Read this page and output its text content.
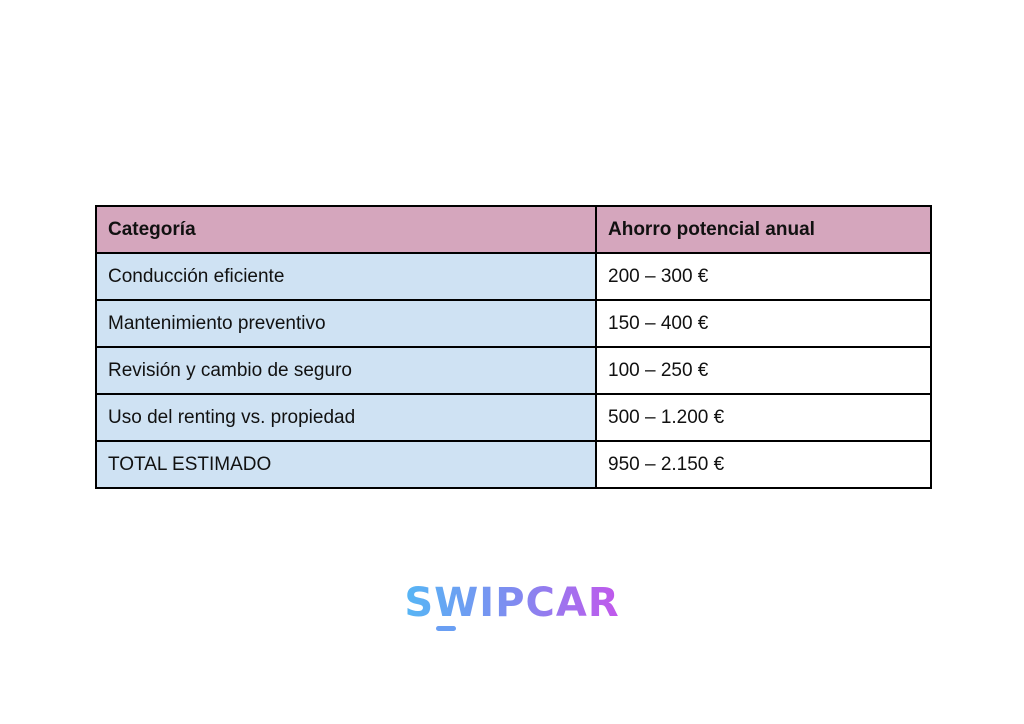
Categoría	Ahorro potencial anual
Conducción eficiente	200 – 300 €
Mantenimiento preventivo	150 – 400 €
Revisión y cambio de seguro	100 – 250 €
Uso del renting vs. propiedad	500 – 1.200 €
TOTAL ESTIMADO	950 – 2.150 €
SWIPCAR
